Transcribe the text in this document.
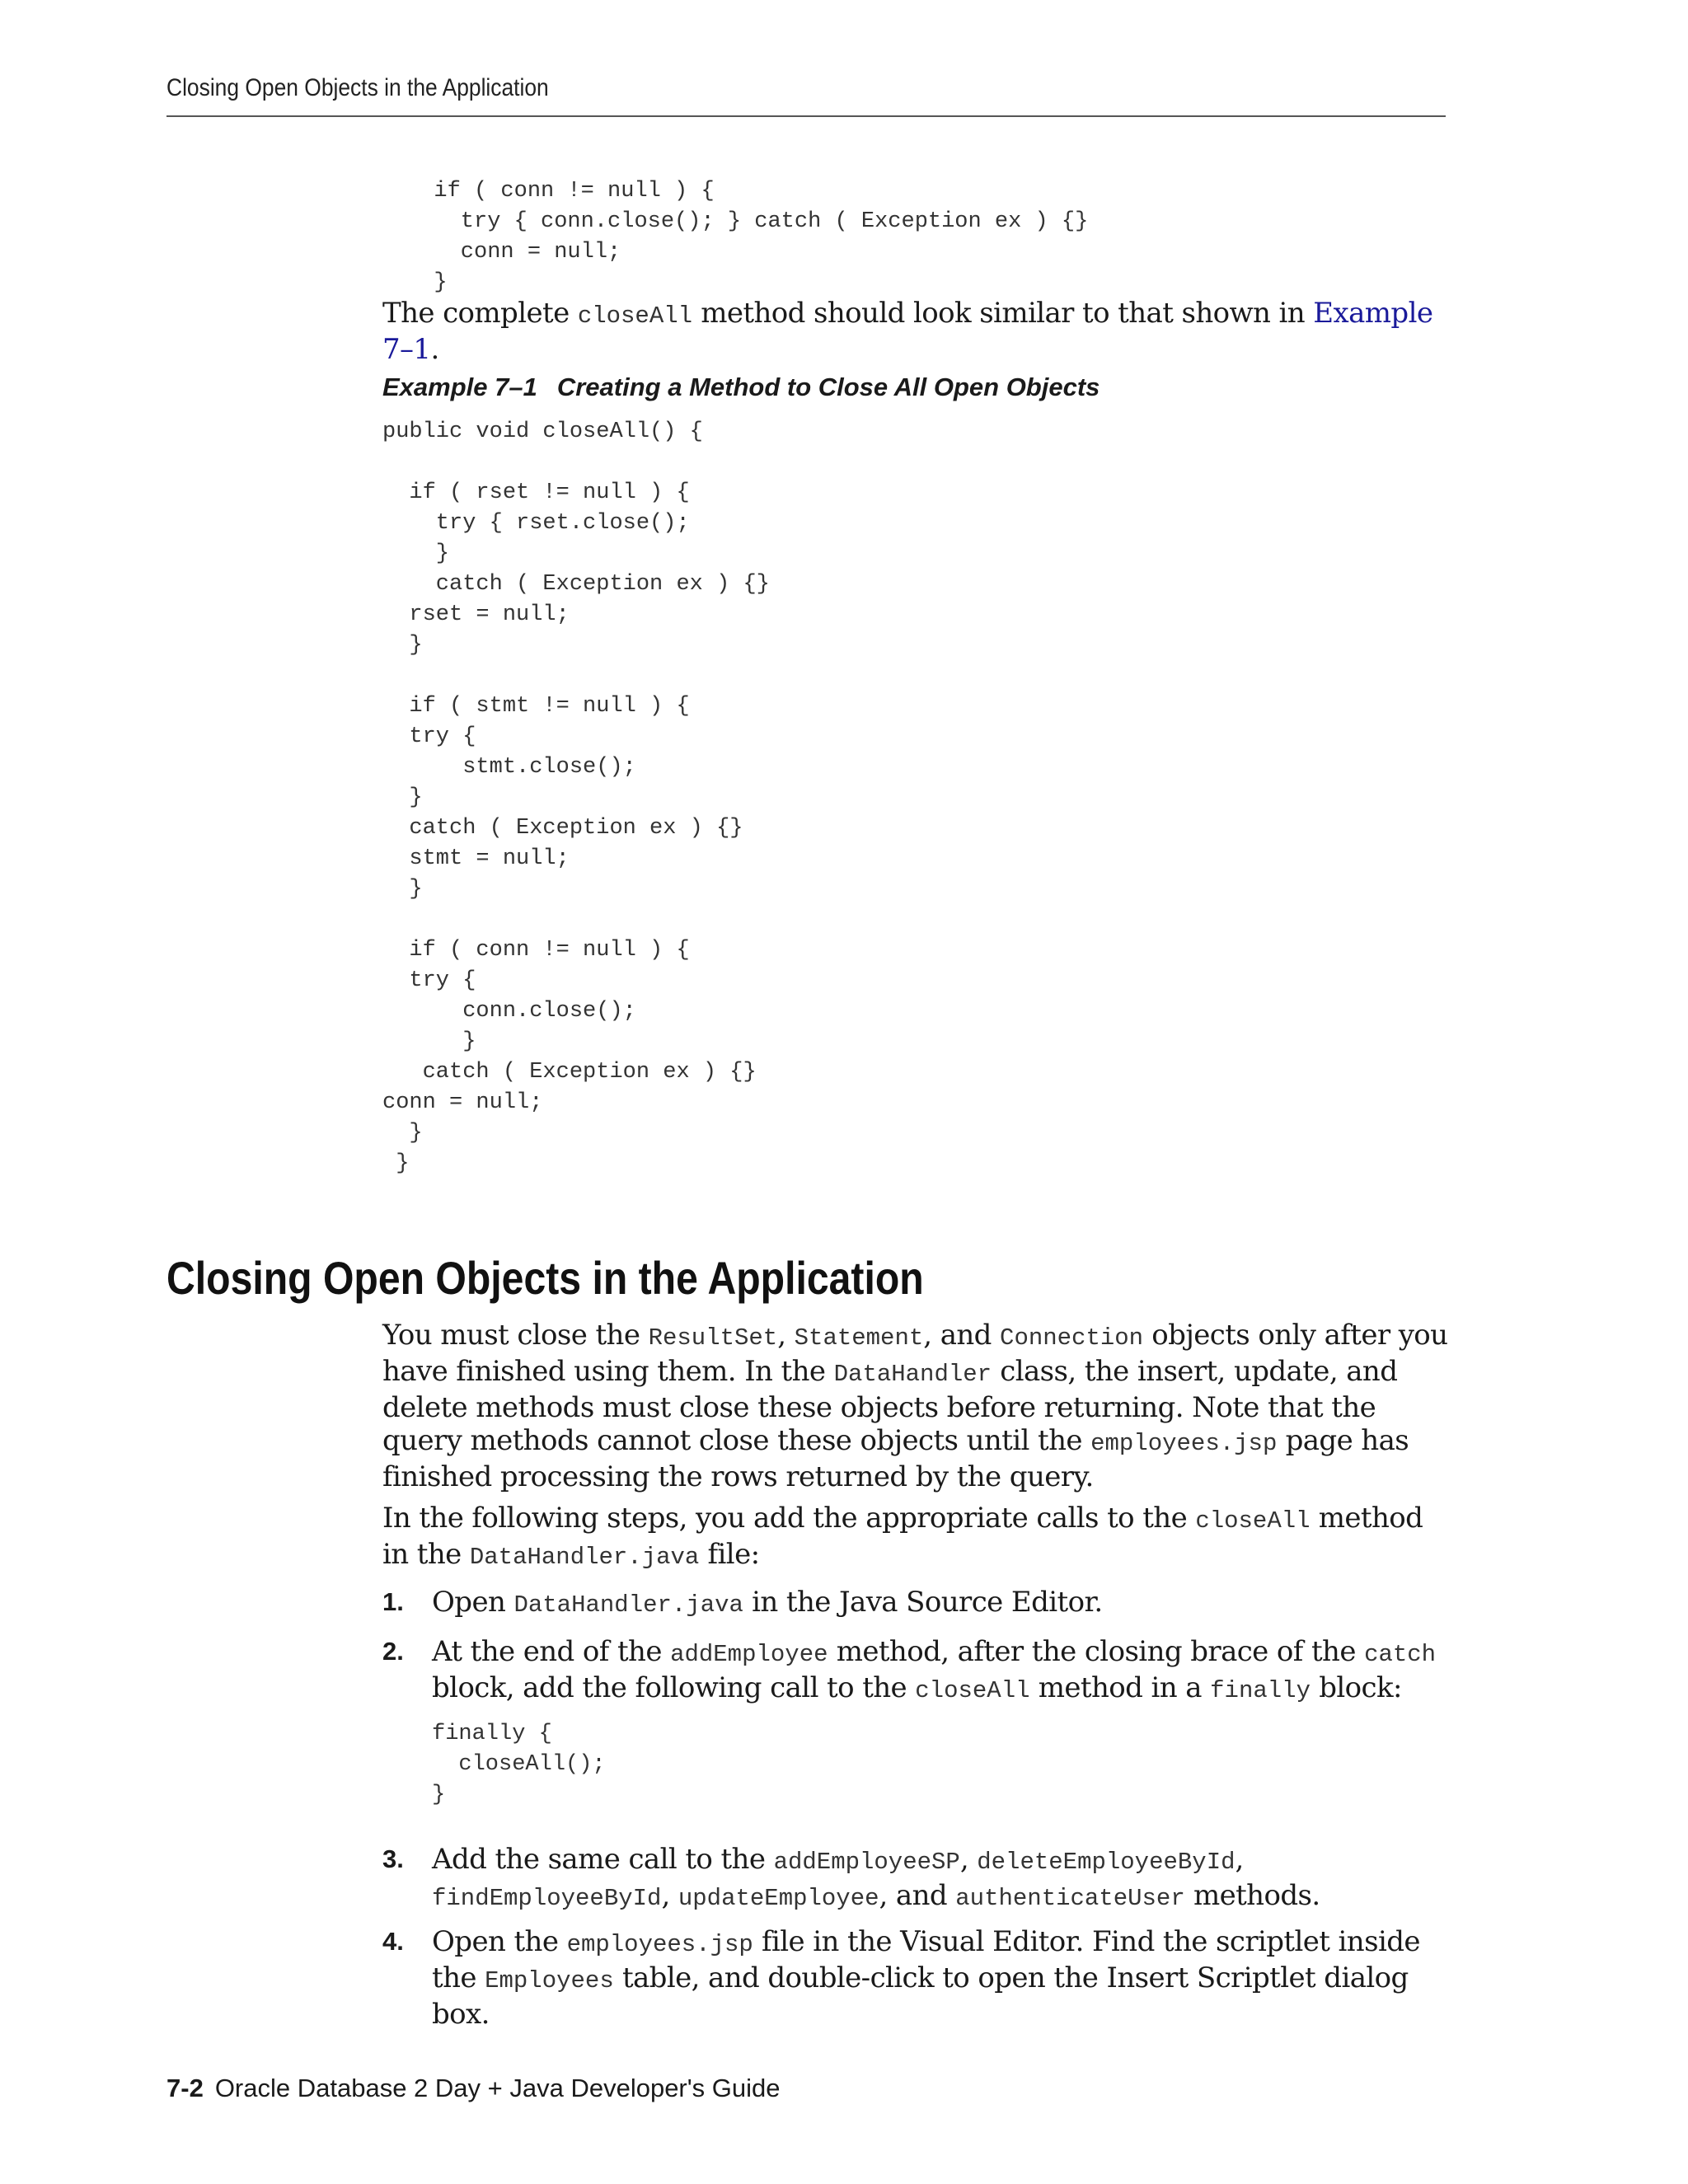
Closing Open Objects in the Application
if ( conn != null ) {
try { conn.close(); } catch ( Exception ex ) {}
conn = null;
}

The complete closeAll method should look similar to that shown in Example 7–1.

Example 7–1 Creating a Method to Close All Open Objects
public void closeAll() {

if ( rset != null ) {
try { rset.close();
}
catch ( Exception ex ) {}
rset = null;
}

if ( stmt != null ) {
try {
stmt.close();
}
catch ( Exception ex ) {}
stmt = null;
}

if ( conn != null ) {
try {
conn.close();
}
catch ( Exception ex ) {}
conn = null;
}
}
Closing Open Objects in the Application

You must close the ResultSet, Statement, and Connection objects only after you have finished using them. In the DataHandler class, the insert, update, and delete methods must close these objects before returning. Note that the query methods cannot close these objects until the employees.jsp page has finished processing the rows returned by the query.

In the following steps, you add the appropriate calls to the closeAll method in the DataHandler.java file:

1. Open DataHandler.java in the Java Source Editor.

2. At the end of the addEmployee method, after the closing brace of the catch block, add the following call to the closeAll method in a finally block:

finally {
closeAll();
}
3. Add the same call to the addEmployeeSP, deleteEmployeeById, findEmployeeById, updateEmployee, and authenticateUser methods.

4. Open the employees.jsp file in the Visual Editor. Find the scriptlet inside the Employees table, and double-click to open the Insert Scriptlet dialog box.

7-2 Oracle Database 2 Day + Java Developer's Guide
